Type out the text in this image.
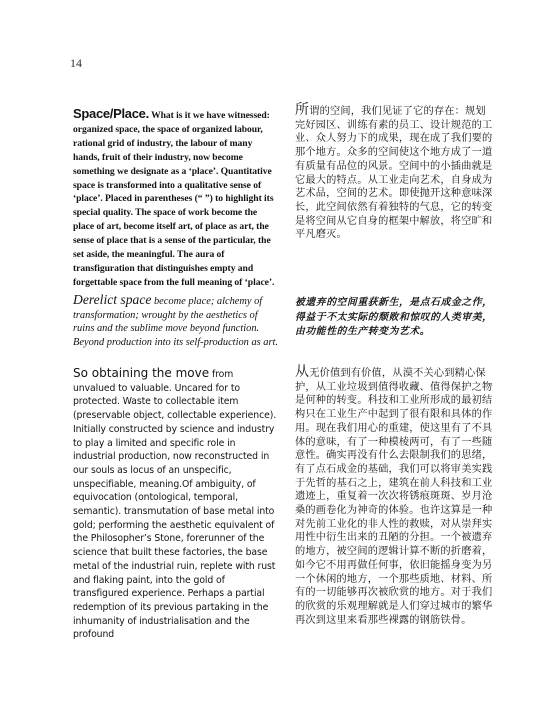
14

Space/Place. What is it we have witnessed: organized space, the space of organized labour, rational grid of industry, the labour of many hands, fruit of their industry, now become something we designate as a ‘place’. Quantitative space is transformed into a qualitative sense of ‘place’. Placed in parentheses (“ ”) to highlight its special quality. The space of work become the place of art, become itself art, of place as art, the sense of place that is a sense of the particular, the set aside, the meaningful. The aura of transfiguration that distinguishes empty and forgettable space from the full meaning of ‘place’.

所谓的空间，我们见证了它的存在：规划完好园区、训练有素的员工、设计规范的工业、众人努力下的成果，现在成了我们要的那个地方。众多的空间使这个地方成了一道有质量有品位的风景。空间中的小插曲就是它最大的特点。从工业走向艺术，自身成为艺术品，空间的艺术。即使抛开这种意味深长，此空间依然有着独特的气息，它的转变是将空间从它自身的框架中解放，将空旷和平凡磨灭。

Derelict space become place; alchemy of transformation; wrought by the aesthetics of ruins and the sublime move beyond function. Beyond production into its self-production as art.

被遗弃的空间重获新生，是点石成金之作，得益于不太实际的颓败和惊叹的人类审美，由功能性的生产转变为艺术。

So obtaining the move from unvalued to valuable. Uncared for to protected. Waste to collectable item (preservable object, collectable experience). Initially constructed by science and industry to play a limited and specific role in industrial production, now reconstructed in our souls as locus of an unspecific, unspecifiable, meaning.Of ambiguity, of equivocation (ontological, temporal, semantic). transmutation of base metal into gold; performing the aesthetic equivalent of the Philosopher’s Stone, forerunner of the science that built these factories, the base metal of the industrial ruin, replete with rust and flaking paint, into the gold of transfigured experience. Perhaps a partial redemption of its previous partaking in the inhumanity of industrialisation and the profound

从无价值到有价值，从漠不关心到精心保护，从工业垃圾到值得收藏、值得保护之物是何种的转变。科技和工业所形成的最初结构只在工业生产中起到了很有限和具体的作用。现在我们用心的重建，使这里有了不具体的意味，有了一种模棱两可，有了一些随意性。确实再没有什么去限制我们的思绪，有了点石成金的基础，我们可以将审美实践于先哲的基石之上，建筑在前人科技和工业遗迹上，重复着一次次将锈痕斑斑、岁月沧桑的画卷化为神奇的体验。也许这算是一种对先前工业化的非人性的救赎，对从崇拜实用性中衍生出来的丑陋的分担。一个被遗弃的地方，被空间的逻辑计算不断的折磨着，如今它不用再做任何事，依旧能摇身变为另一个休闲的地方，一个那些质地、材料、所有的一切能够再次被欣赏的地方。对于我们的欣赏的乐观理解就是人们穿过城市的繁华再次到这里来看那些裸露的钢筋铁骨。
